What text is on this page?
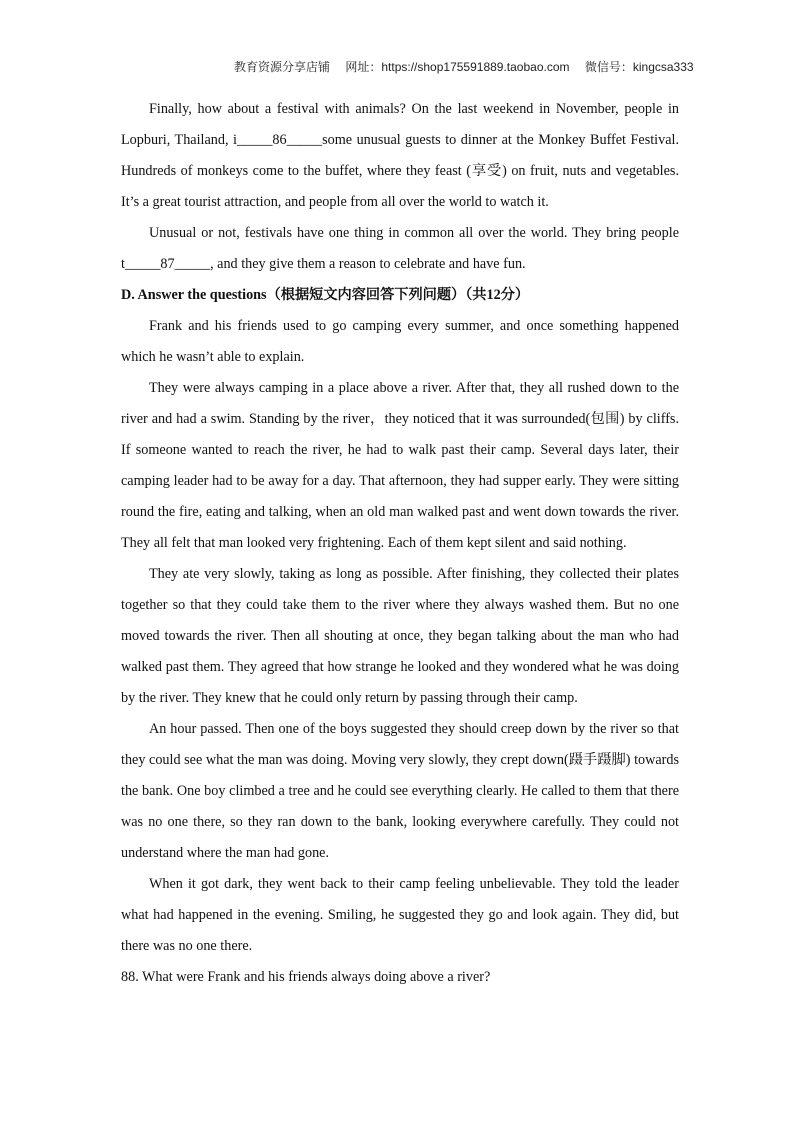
教育资源分享店铺 网址：https://shop175591889.taobao.com 微信号：kingcsa333

Finally, how about a festival with animals? On the last weekend in November, people in Lopburi, Thailand, i_____86_____some unusual guests to dinner at the Monkey Buffet Festival. Hundreds of monkeys come to the buffet, where they feast (享受) on fruit, nuts and vegetables. It’s a great tourist attraction, and people from all over the world to watch it.

Unusual or not, festivals have one thing in common all over the world. They bring people t_____87_____, and they give them a reason to celebrate and have fun.

D. Answer the questions（根据短文内容回答下列问题）（共12分）

Frank and his friends used to go camping every summer, and once something happened which he wasn’t able to explain.

They were always camping in a place above a river. After that, they all rushed down to the river and had a swim. Standing by the river，they noticed that it was surrounded(包围) by cliffs. If someone wanted to reach the river, he had to walk past their camp. Several days later, their camping leader had to be away for a day. That afternoon, they had supper early. They were sitting round the fire, eating and talking, when an old man walked past and went down towards the river. They all felt that man looked very frightening. Each of them kept silent and said nothing.

They ate very slowly, taking as long as possible. After finishing, they collected their plates together so that they could take them to the river where they always washed them. But no one moved towards the river. Then all shouting at once, they began talking about the man who had walked past them. They agreed that how strange he looked and they wondered what he was doing by the river. They knew that he could only return by passing through their camp.

An hour passed. Then one of the boys suggested they should creep down by the river so that they could see what the man was doing. Moving very slowly, they crept down(蹑手蹑脚) towards the bank. One boy climbed a tree and he could see everything clearly. He called to them that there was no one there, so they ran down to the bank, looking everywhere carefully. They could not understand where the man had gone.

When it got dark, they went back to their camp feeling unbelievable. They told the leader what had happened in the evening. Smiling, he suggested they go and look again. They did, but there was no one there.

88. What were Frank and his friends always doing above a river?
